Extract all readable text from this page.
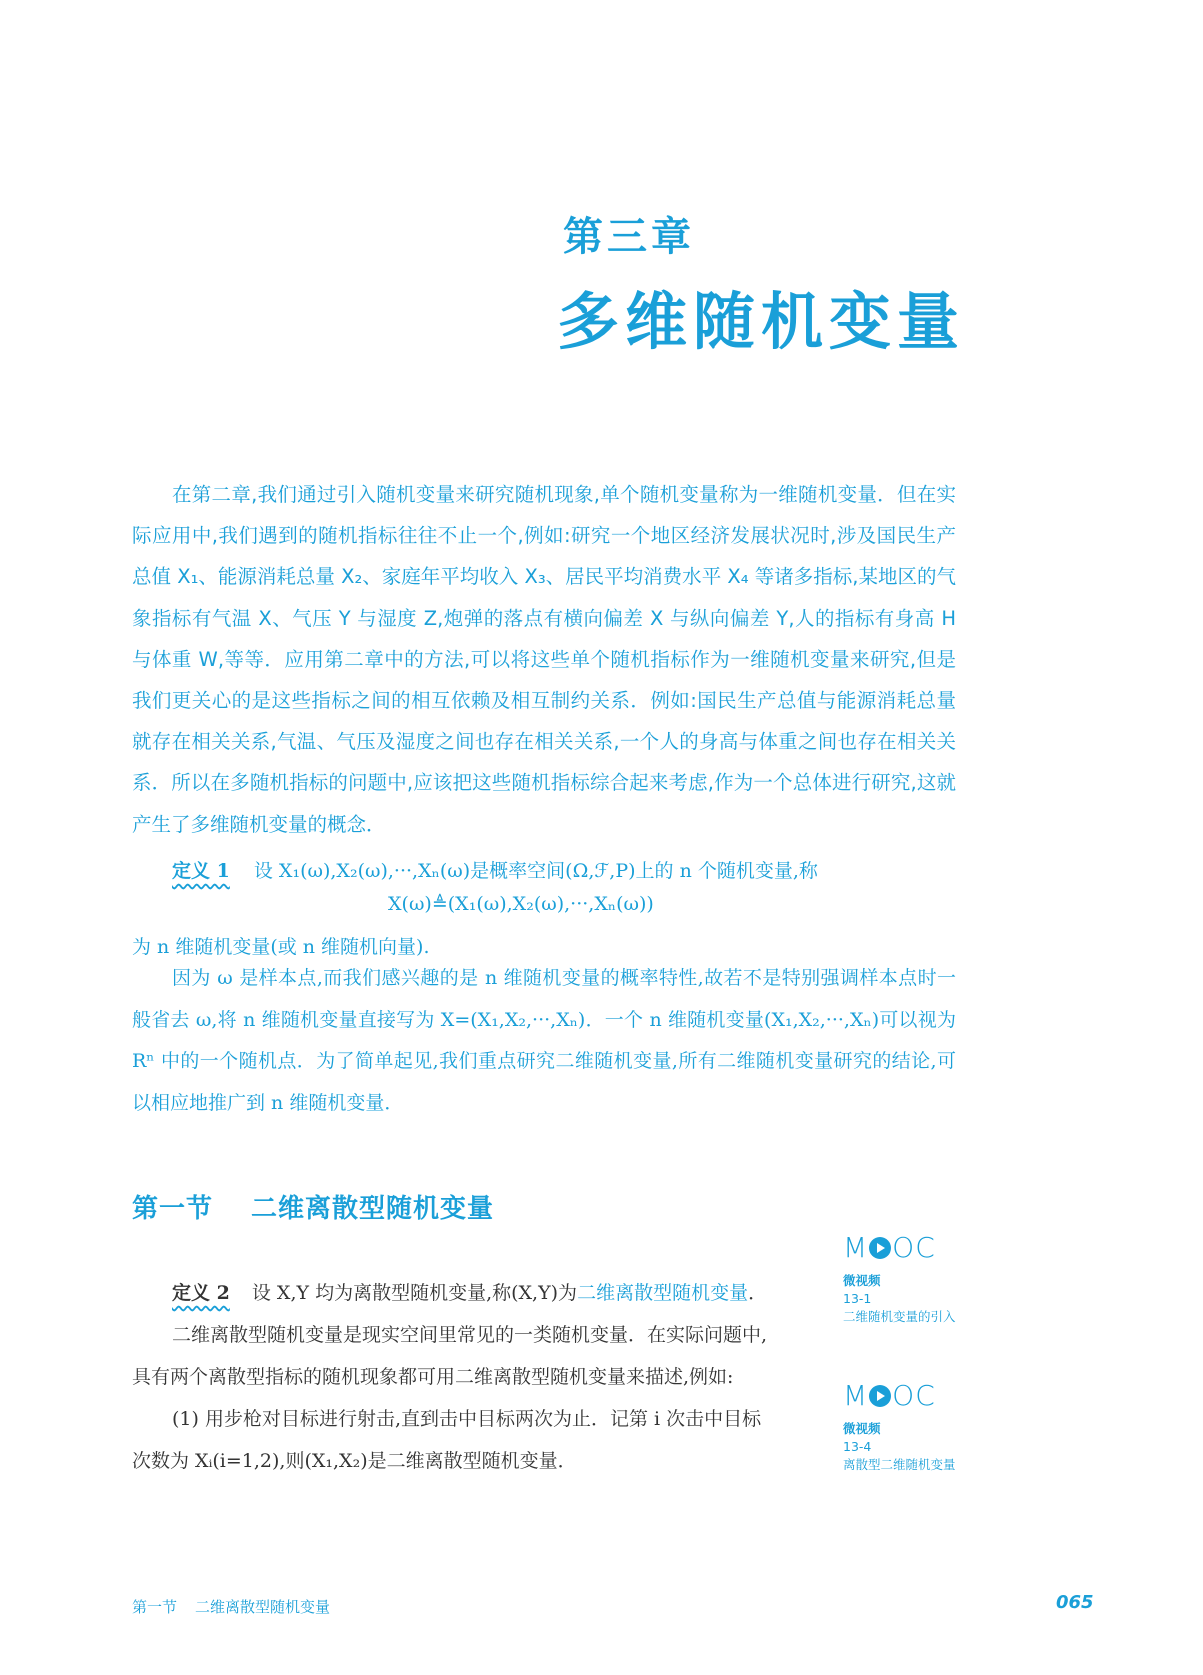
第三章
多维随机变量

在第二章,我们通过引入随机变量来研究随机现象,单个随机变量称为一维随机变量．但在实际应用中,我们遇到的随机指标往往不止一个,例如:研究一个地区经济发展状况时,涉及国民生产总值 X₁、能源消耗总量 X₂、家庭年平均收入 X₃、居民平均消费水平 X₄ 等诸多指标,某地区的气象指标有气温 X、气压 Y 与湿度 Z,炮弹的落点有横向偏差 X 与纵向偏差 Y,人的指标有身高 H 与体重 W,等等．应用第二章中的方法,可以将这些单个随机指标作为一维随机变量来研究,但是我们更关心的是这些指标之间的相互依赖及相互制约关系．例如:国民生产总值与能源消耗总量就存在相关关系,气温、气压及湿度之间也存在相关关系,一个人的身高与体重之间也存在相关关系．所以在多随机指标的问题中,应该把这些随机指标综合起来考虑,作为一个总体进行研究,这就产生了多维随机变量的概念．

定义 1 设 X₁(ω),X₂(ω),···,Xₙ(ω)是概率空间(Ω,ℱ,P)上的 n 个随机变量,称
X(ω)≜(X₁(ω),X₂(ω),···,Xₙ(ω))
为 n 维随机变量(或 n 维随机向量).

因为 ω 是样本点,而我们感兴趣的是 n 维随机变量的概率特性,故若不是特别强调样本点时一般省去 ω,将 n 维随机变量直接写为 X=(X₁,X₂,···,Xₙ)．一个 n 维随机变量(X₁,X₂,···,Xₙ)可以视为 Rⁿ 中的一个随机点．为了简单起见,我们重点研究二维随机变量,所有二维随机变量研究的结论,可以相应地推广到 n 维随机变量．

第一节 二维离散型随机变量
定义 2 设 X,Y 均为离散型随机变量,称(X,Y)为二维离散型随机变量．
二维离散型随机变量是现实空间里常见的一类随机变量．在实际问题中,
具有两个离散型指标的随机现象都可用二维离散型随机变量来描述,例如:
(1) 用步枪对目标进行射击,直到击中目标两次为止．记第 i 次击中目标
次数为 Xᵢ(i=1,2),则(X₁,X₂)是二维离散型随机变量．
M OC
微视频
13-1
二维随机变量的引入
M OC
微视频
13-4
离散型二维随机变量
第一节 二维离散型随机变量	065
